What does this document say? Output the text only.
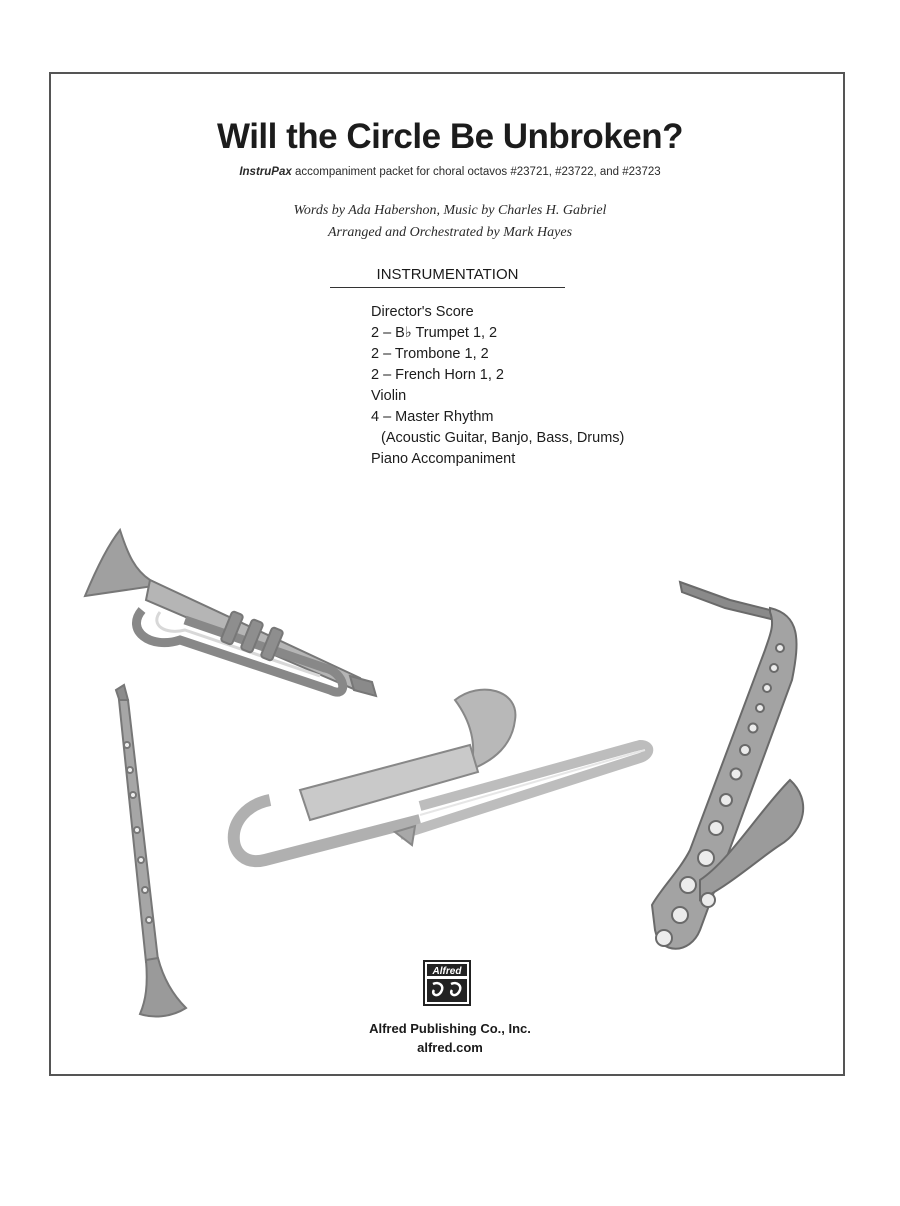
Will the Circle Be Unbroken?
InstruPax accompaniment packet for choral octavos #23721, #23722, and #23723
Words by Ada Habershon, Music by Charles H. Gabriel
Arranged and Orchestrated by Mark Hayes
INSTRUMENTATION
Director's Score
2 – B♭ Trumpet 1, 2
2 – Trombone 1, 2
2 – French Horn 1, 2
Violin
4 – Master Rhythm
(Acoustic Guitar, Banjo, Bass, Drums)
Piano Accompaniment
Alfred
Alfred Publishing Co., Inc.
alfred.com
